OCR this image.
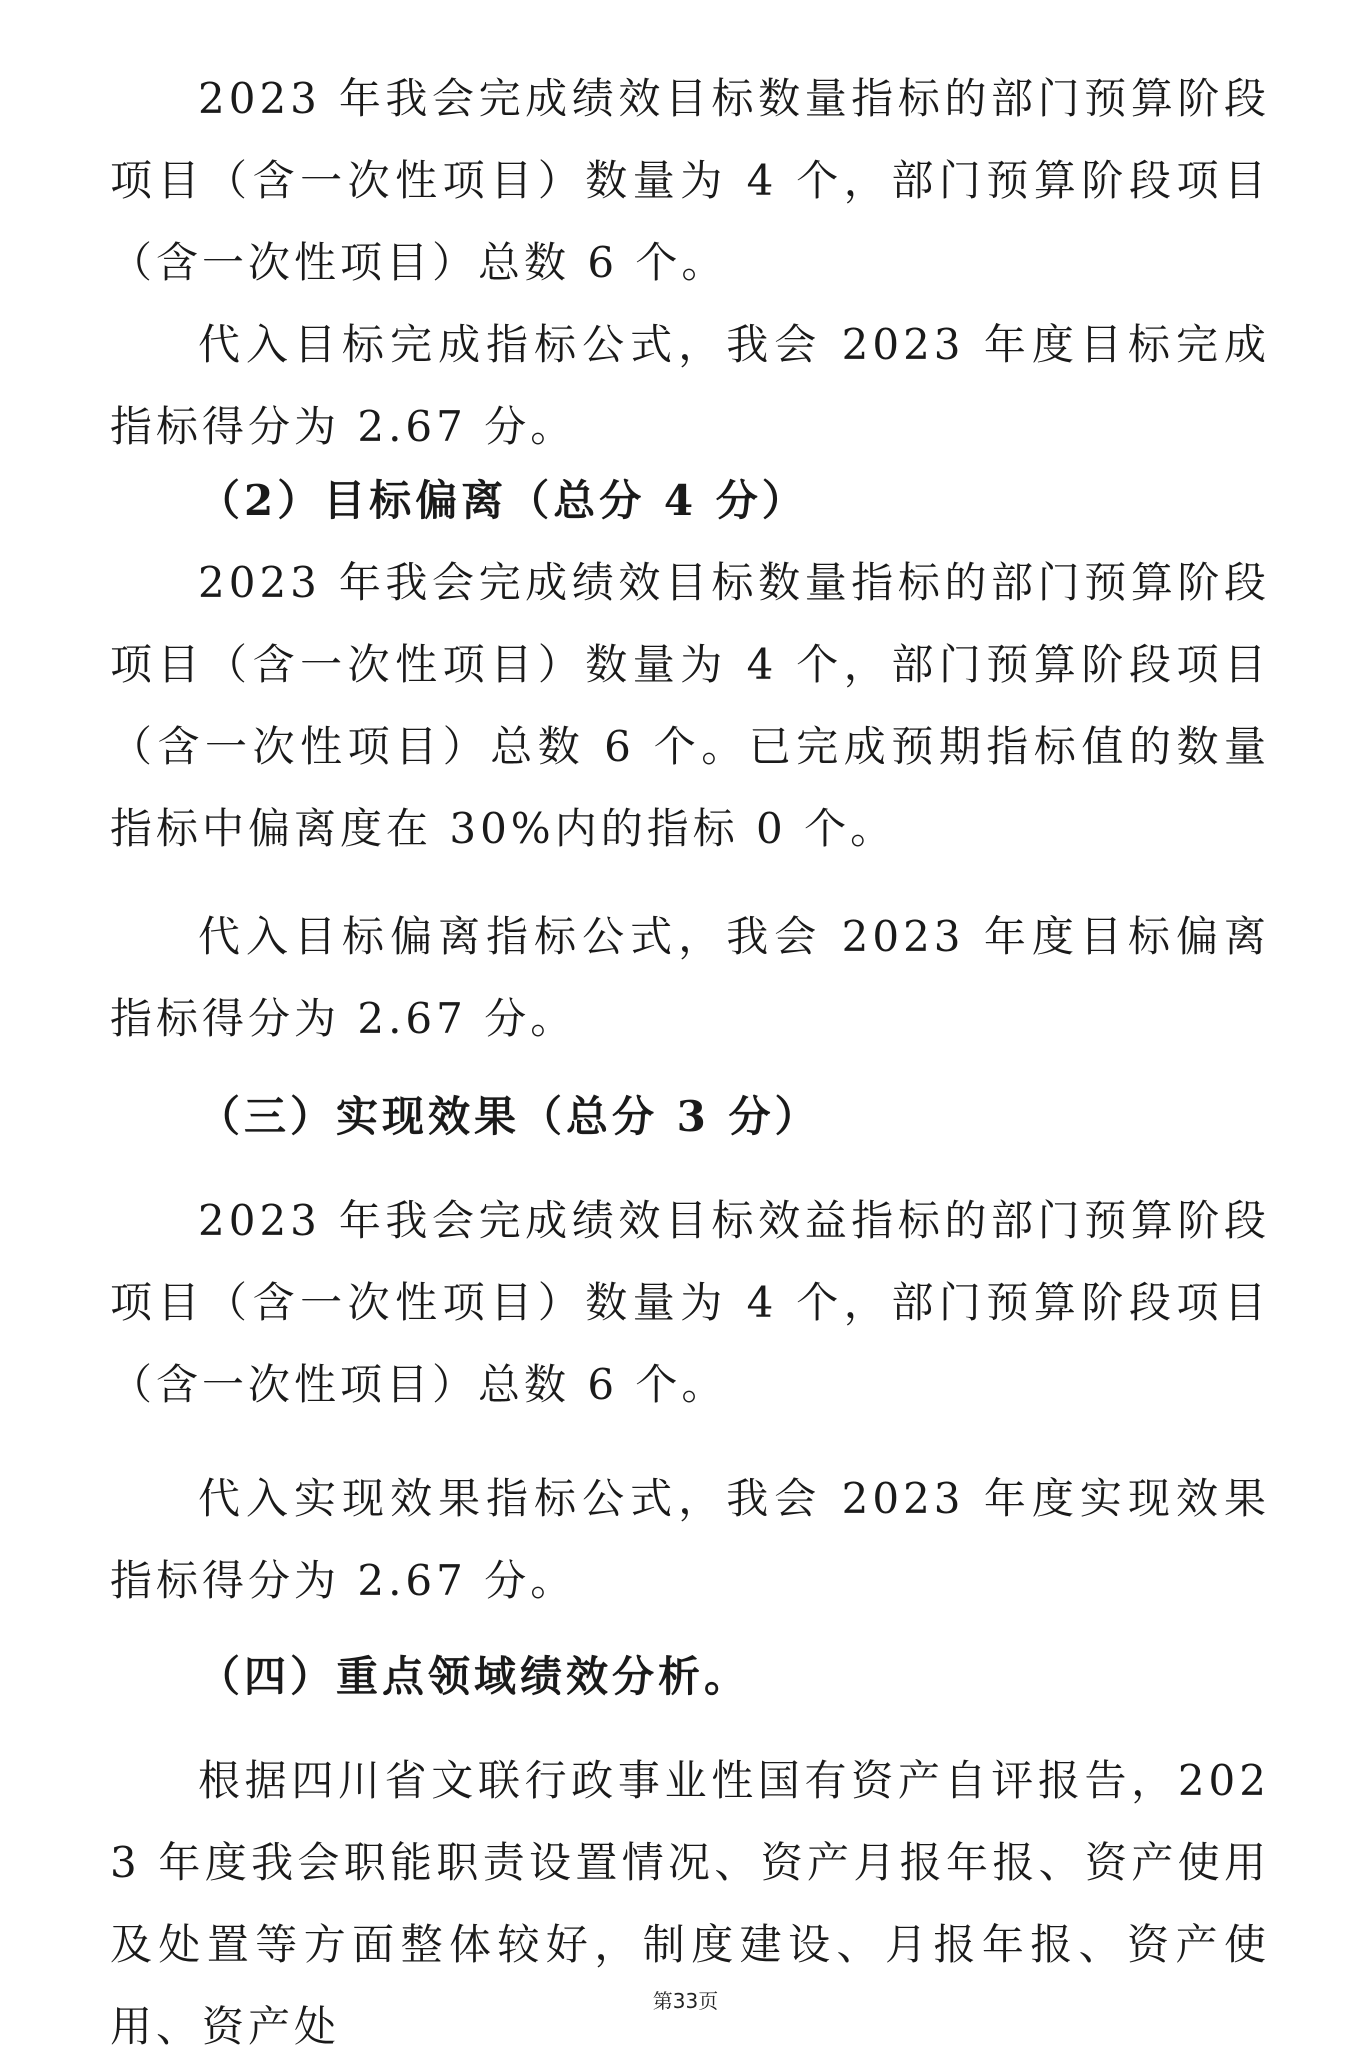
2023 年我会完成绩效目标数量指标的部门预算阶段项目（含一次性项目）数量为 4 个，部门预算阶段项目（含一次性项目）总数 6 个。

代入目标完成指标公式，我会 2023 年度目标完成指标得分为 2.67 分。

（2）目标偏离（总分 4 分）

2023 年我会完成绩效目标数量指标的部门预算阶段项目（含一次性项目）数量为 4 个，部门预算阶段项目（含一次性项目）总数 6 个。已完成预期指标值的数量指标中偏离度在 30%内的指标 0 个。

代入目标偏离指标公式，我会 2023 年度目标偏离指标得分为 2.67 分。

（三）实现效果（总分 3 分）

2023 年我会完成绩效目标效益指标的部门预算阶段项目（含一次性项目）数量为 4 个，部门预算阶段项目（含一次性项目）总数 6 个。

代入实现效果指标公式，我会 2023 年度实现效果指标得分为 2.67 分。

（四）重点领域绩效分析。

根据四川省文联行政事业性国有资产自评报告，2023 年度我会职能职责设置情况、资产月报年报、资产使用及处置等方面整体较好，制度建设、月报年报、资产使用、资产处

第33页
